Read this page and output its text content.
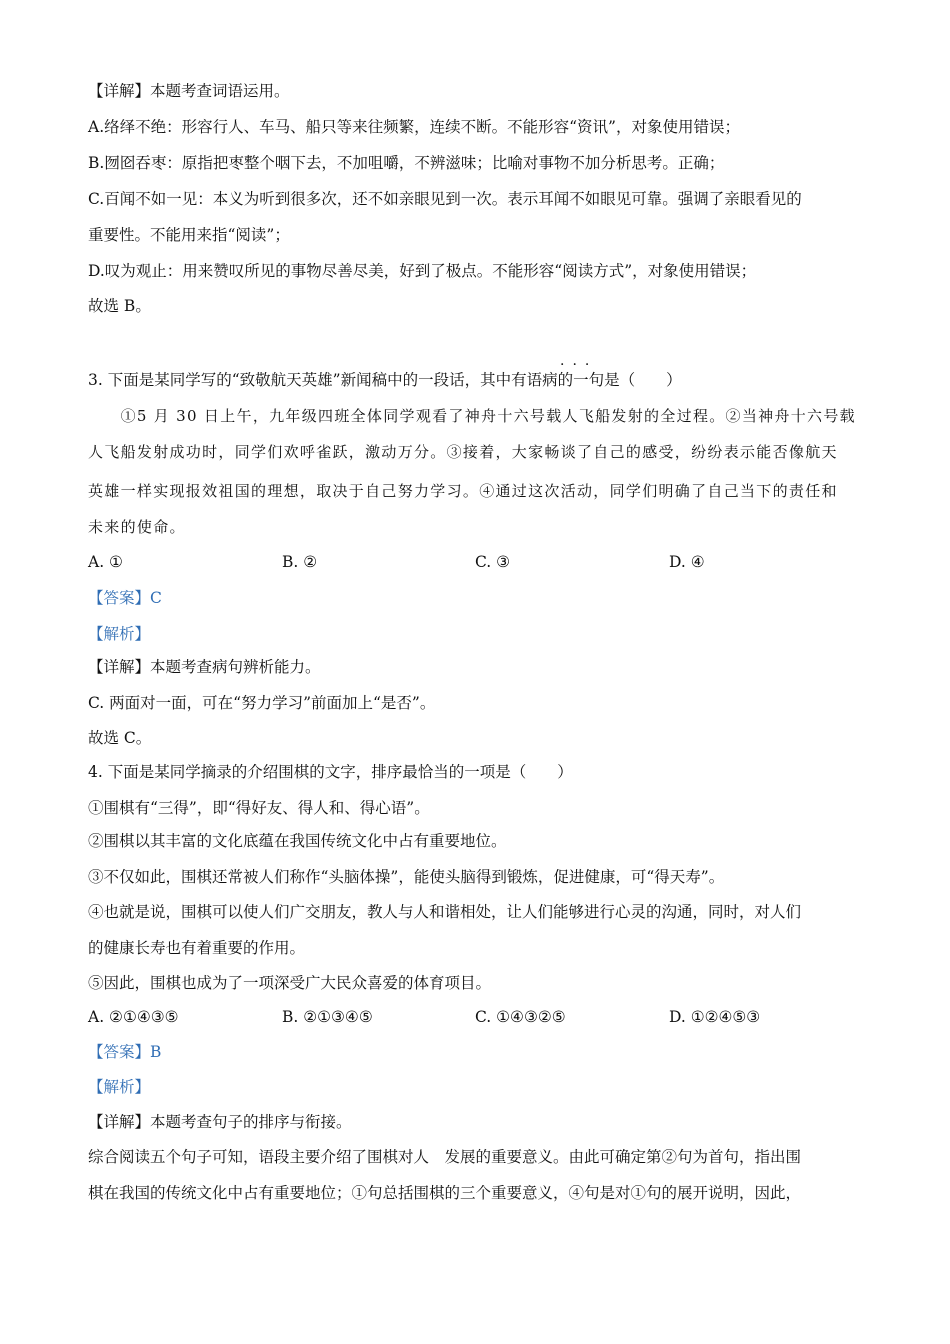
【详解】本题考查词语运用。
A.络绎不绝：形容行人、车马、船只等来往频繁，连续不断。不能形容“资讯”，对象使用错误；
B.囫囵吞枣：原指把枣整个咽下去，不加咀嚼，不辨滋味；比喻对事物不加分析思考。正确；
C.百闻不如一见：本义为听到很多次，还不如亲眼见到一次。表示耳闻不如眼见可靠。强调了亲眼看见的
重要性。不能用来指“阅读”；
D.叹为观止：用来赞叹所见的事物尽善尽美，好到了极点。不能形容“阅读方式”，对象使用错误；
故选 B。
···
3. 下面是某同学写的“致敬航天英雄”新闻稿中的一段话，其中有语病的一句是（　　）
　　①5 月 30 日上午，九年级四班全体同学观看了神舟十六号载人飞船发射的全过程。②当神舟十六号载
人飞船发射成功时，同学们欢呼雀跃，激动万分。③接着，大家畅谈了自己的感受，纷纷表示能否像航天
英雄一样实现报效祖国的理想，取决于自己努力学习。④通过这次活动，同学们明确了自己当下的责任和
未来的使命。
A. ①	B. ②	C. ③	D. ④
【答案】C
【解析】
【详解】本题考查病句辨析能力。
C. 两面对一面，可在“努力学习”前面加上“是否”。
故选 C。
4. 下面是某同学摘录的介绍围棋的文字，排序最恰当的一项是（　　）
①围棋有“三得”，即“得好友、得人和、得心语”。
②围棋以其丰富的文化底蕴在我国传统文化中占有重要地位。
③不仅如此，围棋还常被人们称作“头脑体操”，能使头脑得到锻炼，促进健康，可“得天寿”。
④也就是说，围棋可以使人们广交朋友，教人与人和谐相处，让人们能够进行心灵的沟通，同时，对人们
的健康长寿也有着重要的作用。
⑤因此，围棋也成为了一项深受广大民众喜爱的体育项目。
A. ②①④③⑤	B. ②①③④⑤	C. ①④③②⑤	D. ①②④⑤③
【答案】B
【解析】
【详解】本题考查句子的排序与衔接。
综合阅读五个句子可知，语段主要介绍了围棋对人　发展的重要意义。由此可确定第②句为首句，指出围
棋在我国的传统文化中占有重要地位；①句总括围棋的三个重要意义，④句是对①句的展开说明，因此，
